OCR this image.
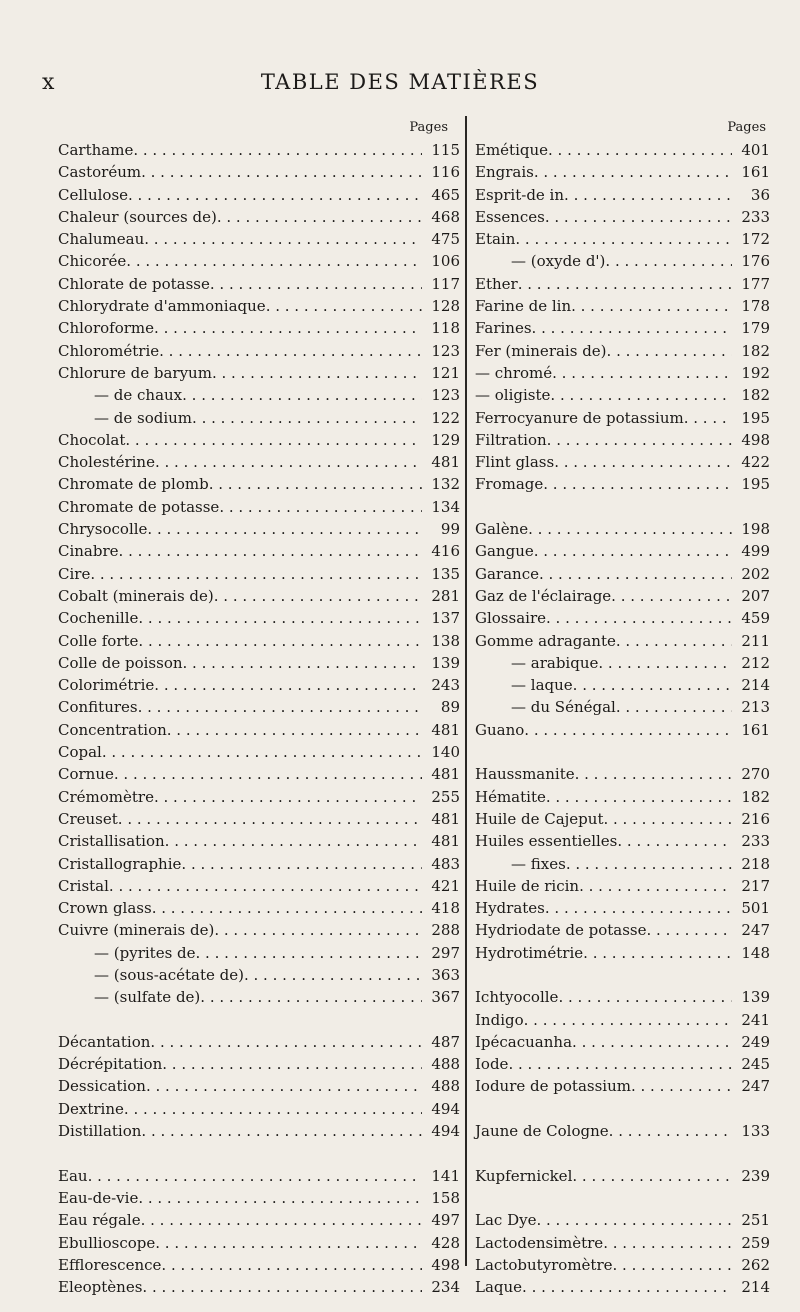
x	TABLE DES MATIÈRES
Pages
Carthame . . .	115
Castoréum . . .	116
Cellulose . . .	465
Chaleur (sources de) . . .	468
Chalumeau . . .	475
Chicorée . . .	106
Chlorate de potasse . . .	117
Chlorydrate d'ammoniaque . . .	128
Chloroforme . . .	118
Chlorométrie . . .	123
Chlorure de baryum . . .	121
— de chaux . . .	123
— de sodium . . .	122
Chocolat . . .	129
Cholestérine . . .	481
Chromate de plomb . . .	132
Chromate de potasse . . .	134
Chrysocolle . . .	99
Cinabre . . .	416
Cire . . .	135
Cobalt (minerais de) . . .	281
Cochenille . . .	137
Colle forte . . .	138
Colle de poisson . . .	139
Colorimétrie . . .	243
Confitures . . .	89
Concentration . . .	481
Copal . . .	140
Cornue . . .	481
Crémomètre . . .	255
Creuset . . .	481
Cristallisation . . .	481
Cristallographie . . .	483
Cristal . . .	421
Crown glass . . .	418
Cuivre (minerais de) . . .	288
— (pyrites de . . .	297
— (sous-acétate de) . . .	363
— (sulfate de) . . .	367
Décantation . . .	487
Décrépitation . . .	488
Dessication . . .	488
Dextrine . . .	494
Distillation . . .	494
Eau . . .	141
Eau-de-vie . . .	158
Eau régale . . .	497
Ebullioscope . . .	428
Efflorescence . . .	498
Eleoptènes . . .	234
Pages
Emétique . . .	401
Engrais . . .	161
Esprit-de in . . .	36
Essences . . .	233
Etain . . .	172
— (oxyde d') . . .	176
Ether . . .	177
Farine de lin . . .	178
Farines . . .	179
Fer (minerais de) . . .	182
— chromé . . .	192
— oligiste . . .	182
Ferrocyanure de potassium . . .	195
Filtration . . .	498
Flint glass . . .	422
Fromage . . .	195
Galène . . .	198
Gangue . . .	499
Garance . . .	202
Gaz de l'éclairage . . .	207
Glossaire . . .	459
Gomme adragante . . .	211
— arabique . . .	212
— laque . . .	214
— du Sénégal . . .	213
Guano . . .	161
Haussmanite . . .	270
Hématite . . .	182
Huile de Cajeput . . .	216
Huiles essentielles . . .	233
— fixes . . .	218
Huile de ricin . . .	217
Hydrates . . .	501
Hydriodate de potasse . . .	247
Hydrotimétrie . . .	148
Ichtyocolle . . .	139
Indigo . . .	241
Ipécacuanha . . .	249
Iode . . .	245
Iodure de potassium . . .	247
Jaune de Cologne . . .	133
Kupfernickel . . .	239
Lac Dye . . .	251
Lactodensimètre . . .	259
Lactobutyromètre . . .	262
Laque . . .	214
